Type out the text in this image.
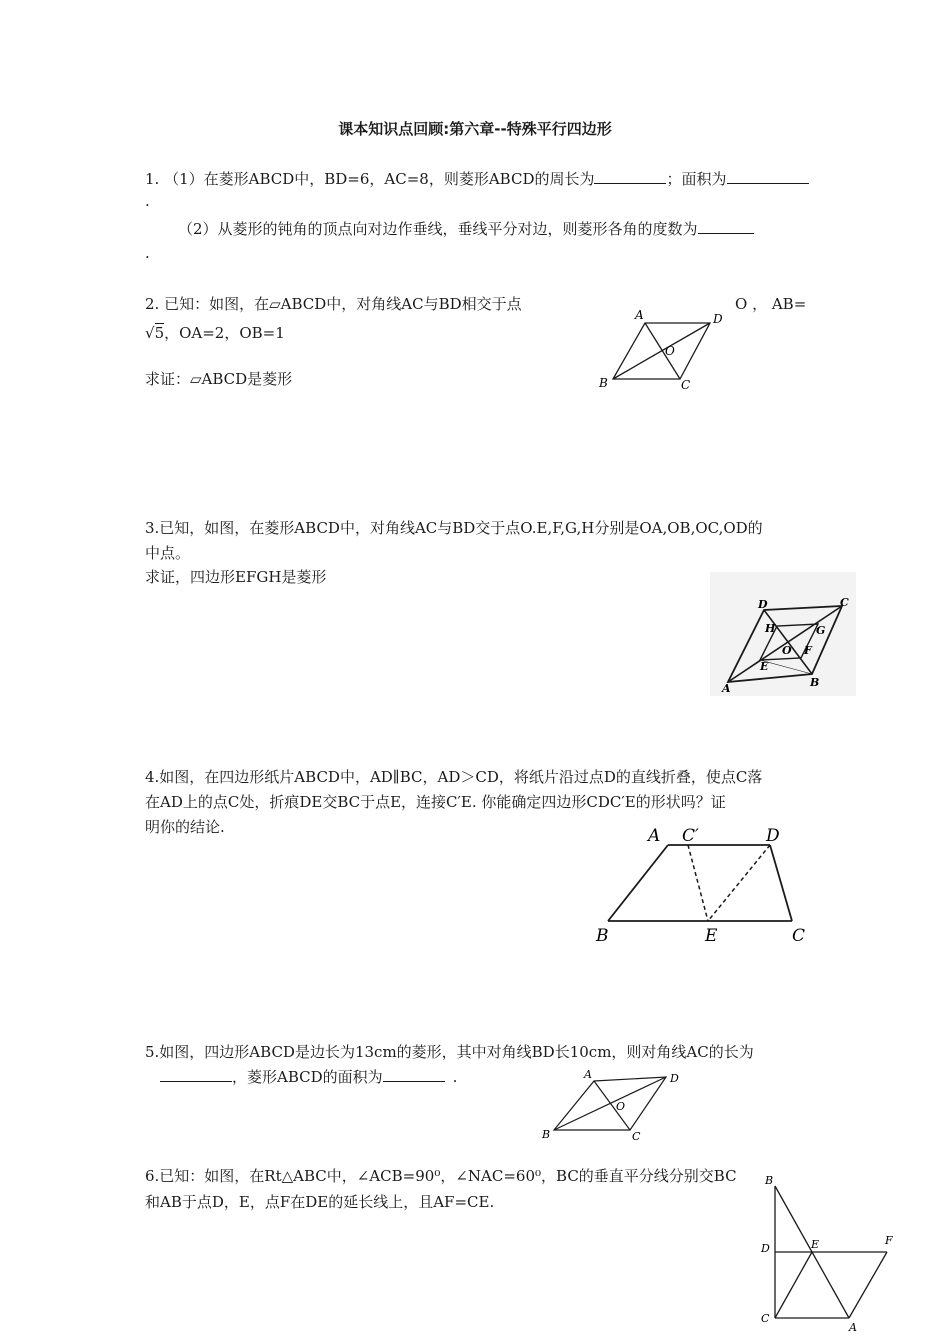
课本知识点回顾:第六章--特殊平行四边形
1. （1）在菱形ABCD中，BD=6，AC=8，则菱形ABCD的周长为	；面积为
.
（2）从菱形的钝角的顶点向对边作垂线，垂线平分对边，则菱形各角的度数为
.
2. 已知：如图，在▱ABCD中，对角线AC与BD相交于点	O ， AB=
√5，OA=2，OB=1
求证：▱ABCD是菱形
A	D
O
B	C
3.已知，如图，在菱形ABCD中，对角线AC与BD交于点O.E,F,G,H分别是OA,OB,OC,OD的
中点。
求证，四边形EFGH是菱形
D	C
H	G
O F
E
A	B
4.如图，在四边形纸片ABCD中，AD∥BC，AD＞CD，将纸片沿过点D的直线折叠，使点C落
在AD上的点C处，折痕DE交BC于点E，连接C′E. 你能确定四边形CDC′E的形状吗？证
明你的结论.	A C′	D
B	E	C
5.如图，四边形ABCD是边长为13cm的菱形，其中对角线BD长10cm，则对角线AC的长为
，菱形ABCD的面积为	.	A	D
O
B	C
6.已知：如图，在Rt△ABC中，∠ACB=90⁰，∠NAC=60⁰，BC的垂直平分线分别交BC
和AB于点D，E，点F在DE的延长线上，且AF=CE.
B
D	E	F
C
A
